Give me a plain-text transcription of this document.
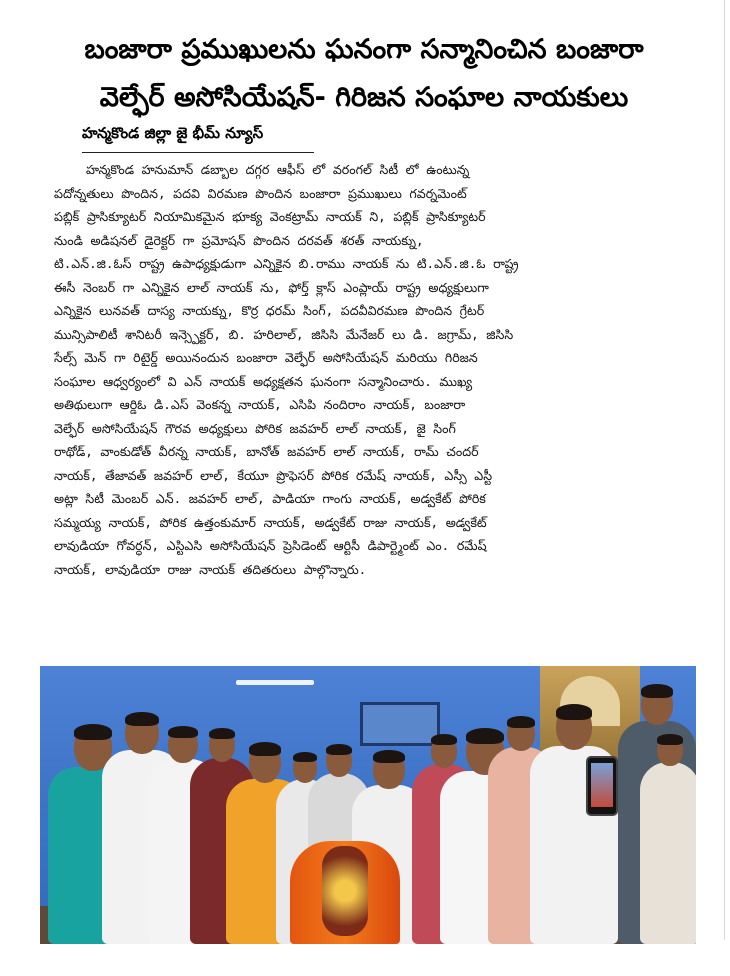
బంజారా ప్రముఖులను ఘనంగా సన్మానించిన బంజారా
వెల్ఫేర్ అసోసియేషన్- గిరిజన సంఘాల నాయకులు
హన్మకొండ జిల్లా జై భీమ్ న్యూస్
హన్మకొండ హనుమాన్ డబ్బాల దగ్గర ఆఫీస్ లో వరంగల్ సిటీ లో ఉంటున్న
పదోన్నతులు పొందిన, పదవి విరమణ పొందిన బంజారా ప్రముఖులు గవర్నమెంట్
పబ్లిక్ ప్రాసిక్యూటర్ నియామికమైన భూక్య వెంకట్రామ్ నాయక్ ని, పబ్లిక్ ప్రాసిక్యూటర్
నుండి అడిషనల్ డైరెక్టర్ గా ప్రమోషన్ పొందిన దరవత్ శరత్ నాయక్ను,
టి.ఎన్.జి.ఓస్ రాష్ట్ర ఉపాధ్యక్షుడుగా ఎన్నికైన బి.రాము నాయక్ ను టి.ఎన్.జి.ఓ రాష్ట్ర
ఈసీ నెంబర్ గా ఎన్నికైన లాల్ నాయక్ ను, ఫోర్త్ క్లాస్ ఎంప్లాయ్ రాష్ట్ర అధ్యక్షులుగా
ఎన్నికైన లునవత్ దాస్య నాయక్ను, కొర్ర ధరమ్ సింగ్, పదవీవిరమణ పొందిన గ్రేటర్
మున్సిపాలిటీ శానిటరీ ఇన్స్పెక్టర్, బి. హరిలాల్, జిసిసి మేనేజర్ లు డి. జగ్రామ్, జిసిసి
సేల్స్ మెన్ గా రిటైర్డ్ అయినందున బంజారా వెల్ఫేర్ అసోసియేషన్ మరియు గిరిజన
సంఘాల ఆధ్వర్యంలో వి ఎన్ నాయక్ అధ్యక్షతన ఘనంగా సన్మానించారు. ముఖ్య
అతిథులుగా ఆర్డిఓ డి.ఎస్ వెంకన్న నాయక్, ఎసిపి నందిరాం నాయక్, బంజారా
వెల్ఫేర్ అసోసియేషన్ గౌరవ అధ్యక్షులు పోరిక జవహర్ లాల్ నాయక్, జై సింగ్
రాథోడ్, వాంకుడోత్ వీరన్న నాయక్, బానోత్ జవహర్ లాల్ నాయక్, రామ్ చందర్
నాయక్, తేజావత్ జవహర్ లాల్, కేయూ ప్రొఫెసర్ పోరిక రమేష్ నాయక్, ఎస్సీ ఎస్టీ
అట్లా సిటీ మెంబర్ ఎన్. జవహర్ లాల్, పాడియా గాంగు నాయక్, అడ్వకేట్ పోరిక
సమ్మయ్య నాయక్, పోరిక ఉత్తంకుమార్ నాయక్, అడ్వకేట్ రాజు నాయక్, అడ్వకేట్
లావుడియా గోవర్ధన్, ఎస్టిఎసి అసోసియేషన్ ప్రెసిడెంట్ ఆర్టిసీ డిపార్ట్మెంట్ ఎం. రమేష్
నాయక్, లావుడియా రాజు నాయక్ తదితరులు పాల్గొన్నారు.
